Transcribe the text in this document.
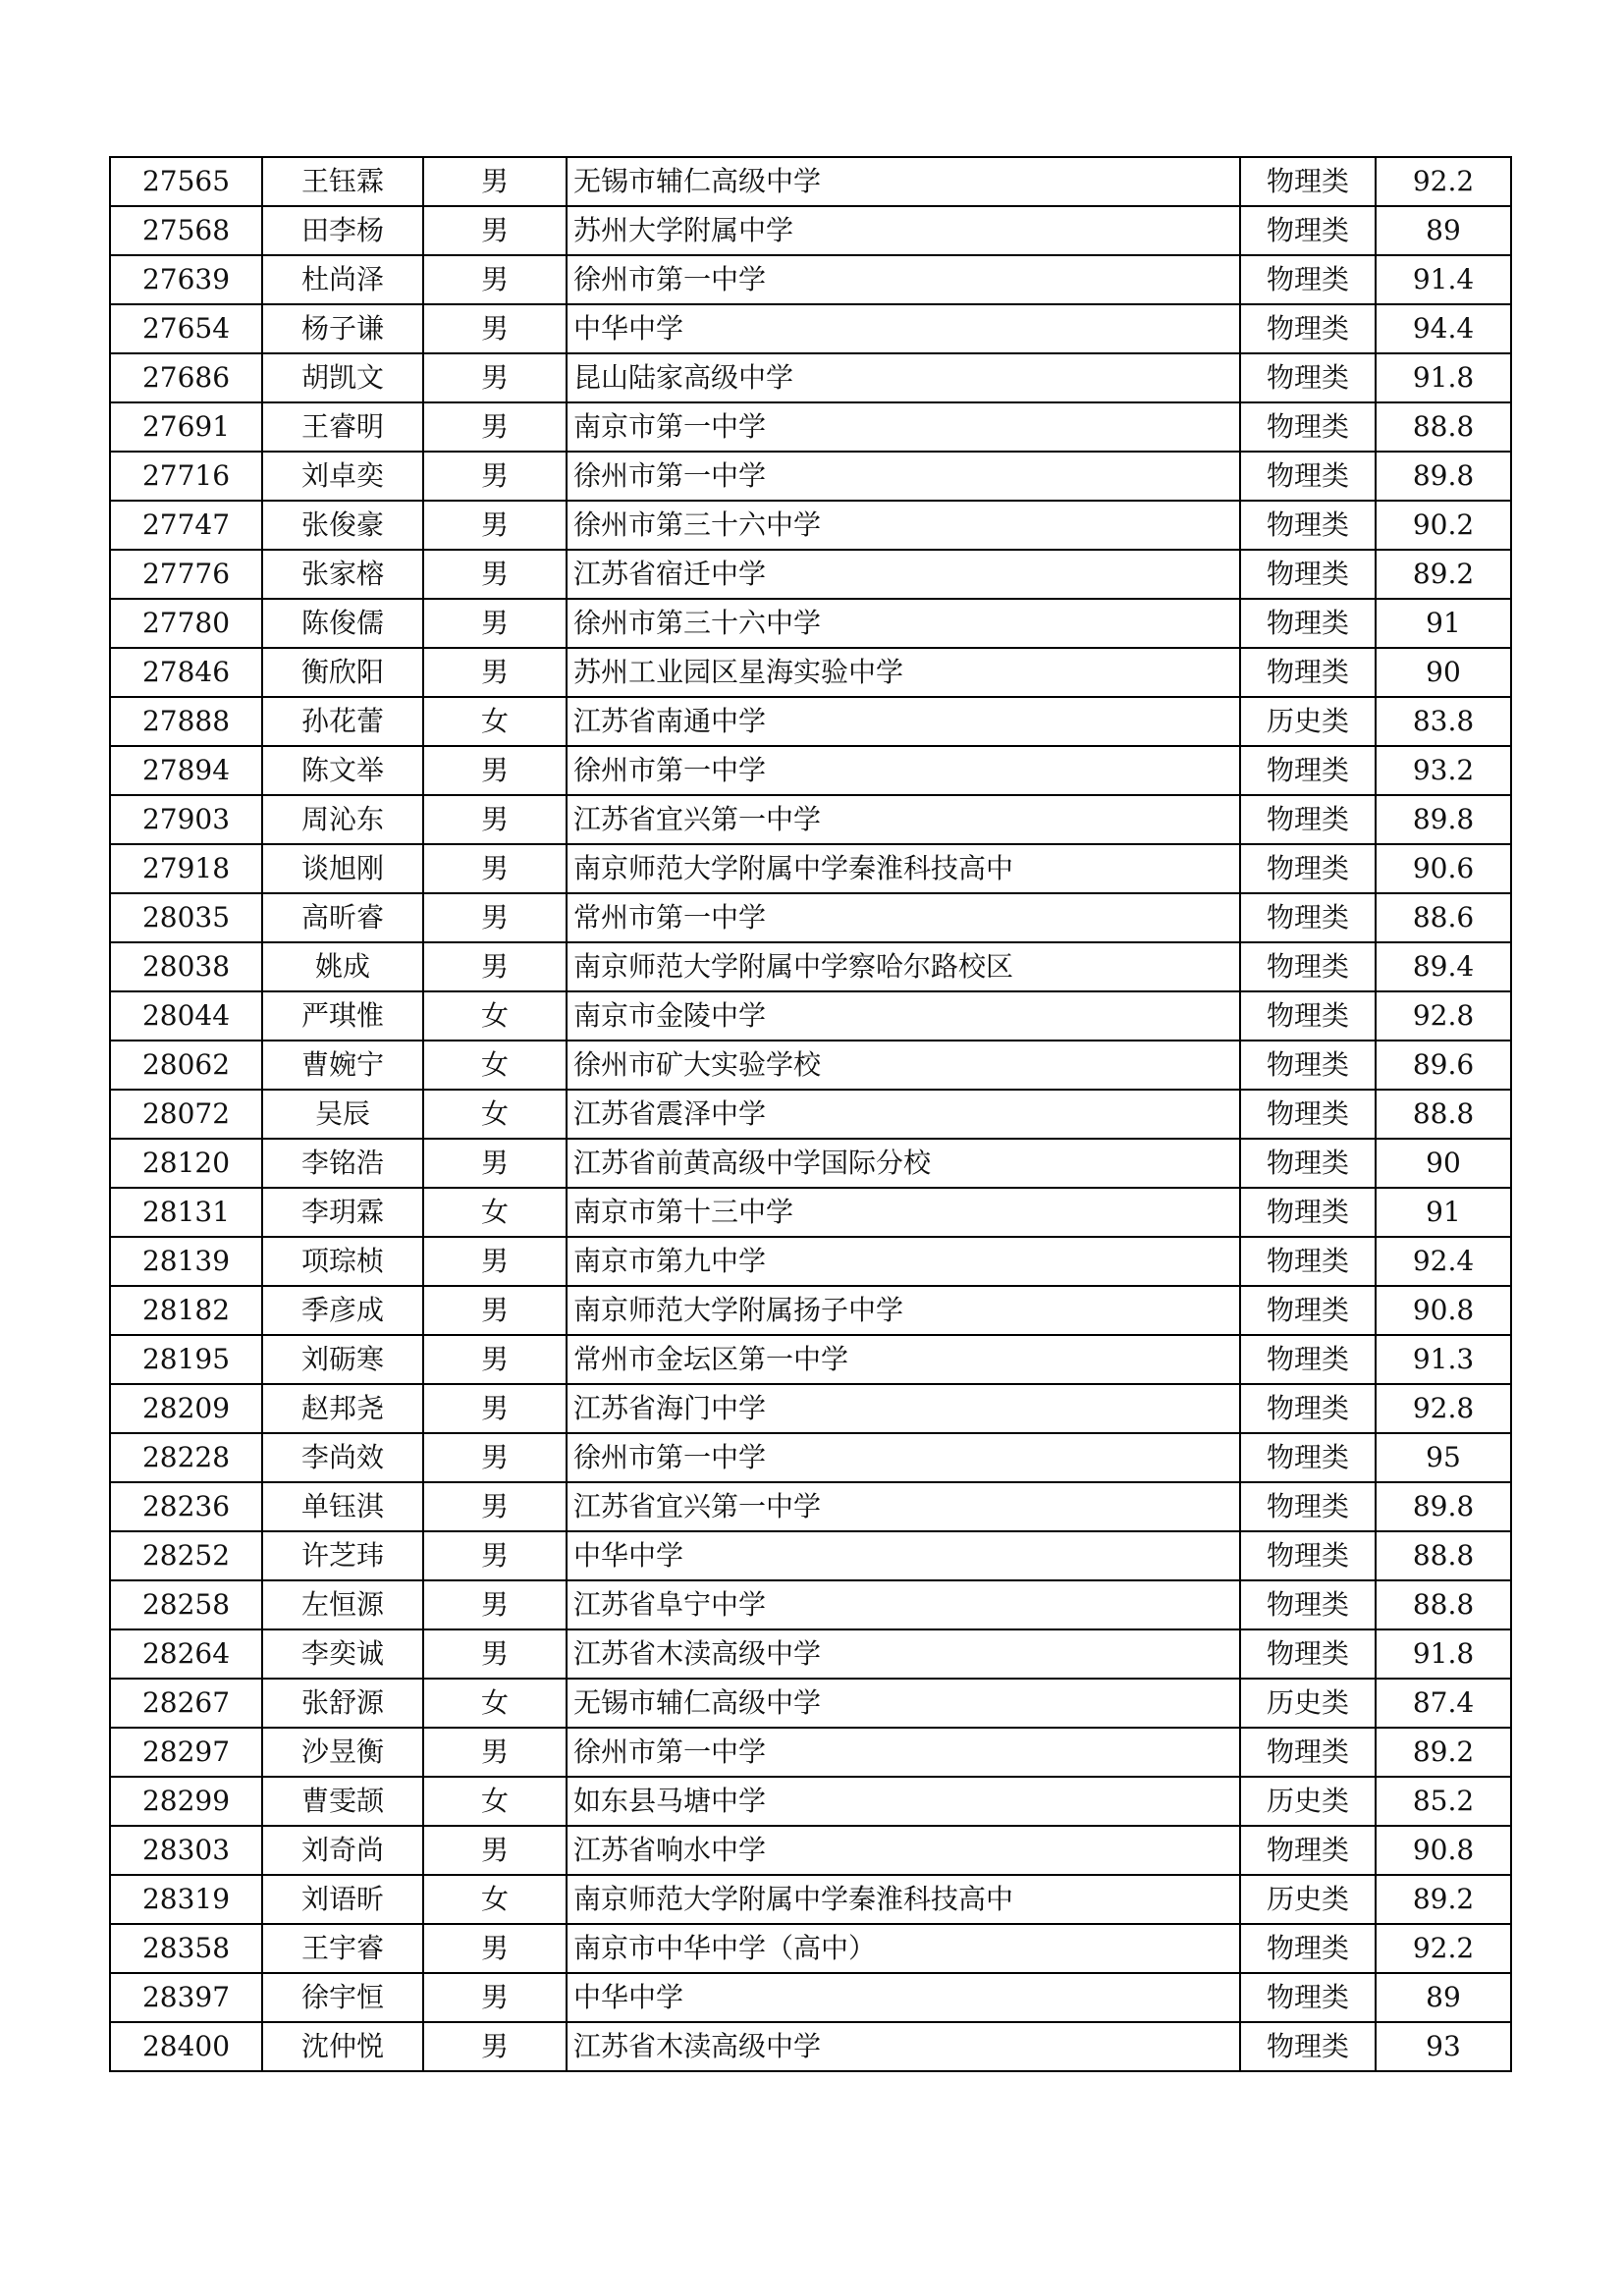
27565	王钰霖	男	无锡市辅仁高级中学	物理类	92.2
27568	田李杨	男	苏州大学附属中学	物理类	89
27639	杜尚泽	男	徐州市第一中学	物理类	91.4
27654	杨子谦	男	中华中学	物理类	94.4
27686	胡凯文	男	昆山陆家高级中学	物理类	91.8
27691	王睿明	男	南京市第一中学	物理类	88.8
27716	刘卓奕	男	徐州市第一中学	物理类	89.8
27747	张俊豪	男	徐州市第三十六中学	物理类	90.2
27776	张家榕	男	江苏省宿迁中学	物理类	89.2
27780	陈俊儒	男	徐州市第三十六中学	物理类	91
27846	衡欣阳	男	苏州工业园区星海实验中学	物理类	90
27888	孙花蕾	女	江苏省南通中学	历史类	83.8
27894	陈文举	男	徐州市第一中学	物理类	93.2
27903	周沁东	男	江苏省宜兴第一中学	物理类	89.8
27918	谈旭刚	男	南京师范大学附属中学秦淮科技高中	物理类	90.6
28035	高昕睿	男	常州市第一中学	物理类	88.6
28038	姚成	男	南京师范大学附属中学察哈尔路校区	物理类	89.4
28044	严琪惟	女	南京市金陵中学	物理类	92.8
28062	曹婉宁	女	徐州市矿大实验学校	物理类	89.6
28072	吴辰	女	江苏省震泽中学	物理类	88.8
28120	李铭浩	男	江苏省前黄高级中学国际分校	物理类	90
28131	李玥霖	女	南京市第十三中学	物理类	91
28139	项琮桢	男	南京市第九中学	物理类	92.4
28182	季彦成	男	南京师范大学附属扬子中学	物理类	90.8
28195	刘砺寒	男	常州市金坛区第一中学	物理类	91.3
28209	赵邦尧	男	江苏省海门中学	物理类	92.8
28228	李尚效	男	徐州市第一中学	物理类	95
28236	单钰淇	男	江苏省宜兴第一中学	物理类	89.8
28252	许芝玮	男	中华中学	物理类	88.8
28258	左恒源	男	江苏省阜宁中学	物理类	88.8
28264	李奕诚	男	江苏省木渎高级中学	物理类	91.8
28267	张舒源	女	无锡市辅仁高级中学	历史类	87.4
28297	沙昱衡	男	徐州市第一中学	物理类	89.2
28299	曹雯颉	女	如东县马塘中学	历史类	85.2
28303	刘奇尚	男	江苏省响水中学	物理类	90.8
28319	刘语昕	女	南京师范大学附属中学秦淮科技高中	历史类	89.2
28358	王宇睿	男	南京市中华中学（高中）	物理类	92.2
28397	徐宇恒	男	中华中学	物理类	89
28400	沈仲悦	男	江苏省木渎高级中学	物理类	93
